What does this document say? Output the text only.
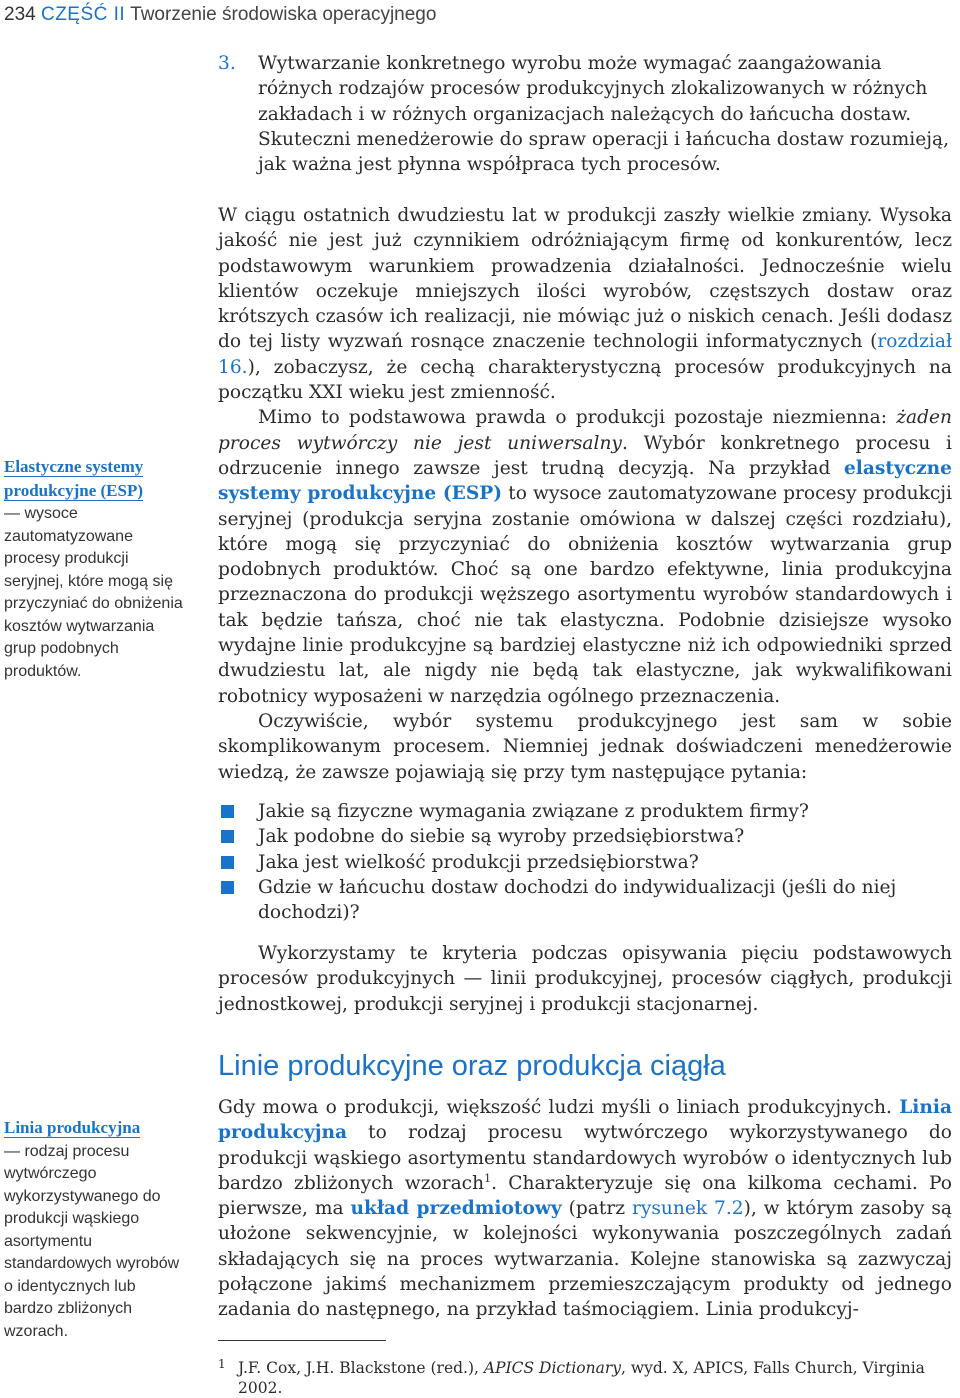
234 CZĘŚĆ II Tworzenie środowiska operacyjnego
3. Wytwarzanie konkretnego wyrobu może wymagać zaangażowania różnych rodzajów procesów produkcyjnych zlokalizowanych w różnych zakładach i w różnych organizacjach należących do łańcucha dostaw. Skuteczni menedżerowie do spraw operacji i łańcucha dostaw rozumieją, jak ważna jest płynna współpraca tych procesów.

W ciągu ostatnich dwudziestu lat w produkcji zaszły wielkie zmiany. Wysoka jakość nie jest już czynnikiem odróżniającym firmę od konkurentów, lecz podstawowym warunkiem prowadzenia działalności. Jednocześnie wielu klientów oczekuje mniejszych ilości wyrobów, częstszych dostaw oraz krótszych czasów ich realizacji, nie mówiąc już o niskich cenach. Jeśli dodasz do tej listy wyzwań rosnące znaczenie technologii informatycznych (rozdział 16.), zobaczysz, że cechą charakterystyczną procesów produkcyjnych na początku XXI wieku jest zmienność.

Mimo to podstawowa prawda o produkcji pozostaje niezmienna: żaden proces wytwórczy nie jest uniwersalny. Wybór konkretnego procesu i odrzucenie innego zawsze jest trudną decyzją. Na przykład elastyczne systemy produkcyjne (ESP) to wysoce zautomatyzowane procesy produkcji seryjnej (produkcja seryjna zostanie omówiona w dalszej części rozdziału), które mogą się przyczyniać do obniżenia kosztów wytwarzania grup podobnych produktów. Choć są one bardzo efektywne, linia produkcyjna przeznaczona do produkcji węższego asortymentu wyrobów standardowych i tak będzie tańsza, choć nie tak elastyczna. Podobnie dzisiejsze wysoko wydajne linie produkcyjne są bardziej elastyczne niż ich odpowiedniki sprzed dwudziestu lat, ale nigdy nie będą tak elastyczne, jak wykwalifikowani robotnicy wyposażeni w narzędzia ogólnego przeznaczenia.

Oczywiście, wybór systemu produkcyjnego jest sam w sobie skomplikowanym procesem. Niemniej jednak doświadczeni menedżerowie wiedzą, że zawsze pojawiają się przy tym następujące pytania:

Jakie są fizyczne wymagania związane z produktem firmy?
Jak podobne do siebie są wyroby przedsiębiorstwa?
Jaka jest wielkość produkcji przedsiębiorstwa?
Gdzie w łańcuchu dostaw dochodzi do indywidualizacji (jeśli do niej dochodzi)?

Wykorzystamy te kryteria podczas opisywania pięciu podstawowych procesów produkcyjnych — linii produkcyjnej, procesów ciągłych, produkcji jednostkowej, produkcji seryjnej i produkcji stacjonarnej.

Linie produkcyjne oraz produkcja ciągła

Gdy mowa o produkcji, większość ludzi myśli o liniach produkcyjnych. Linia produkcyjna to rodzaj procesu wytwórczego wykorzystywanego do produkcji wąskiego asortymentu standardowych wyrobów o identycznych lub bardzo zbliżonych wzorach$^1$. Charakteryzuje się ona kilkoma cechami. Po pierwsze, ma układ przedmiotowy (patrz rysunek 7.2), w którym zasoby są ułożone sekwencyjnie, w kolejności wykonywania poszczególnych zadań składających się na proces wytwarzania. Kolejne stanowiska są zazwyczaj połączone jakimś mechanizmem przemieszczającym produkty od jednego zadania do następnego, na przykład taśmociągiem. Linia produkcyj-

Elastyczne systemy produkcyjne (ESP)
— wysoce zautomatyzowane procesy produkcji seryjnej, które mogą się przyczyniać do obniżenia kosztów wytwarzania grup podobnych produktów.
Linia produkcyjna
— rodzaj procesu wytwórczego wykorzystywanego do produkcji wąskiego asortymentu standardowych wyrobów o identycznych lub bardzo zbliżonych wzorach.
1 J.F. Cox, J.H. Blackstone (red.), APICS Dictionary, wyd. X, APICS, Falls Church, Virginia 2002.
